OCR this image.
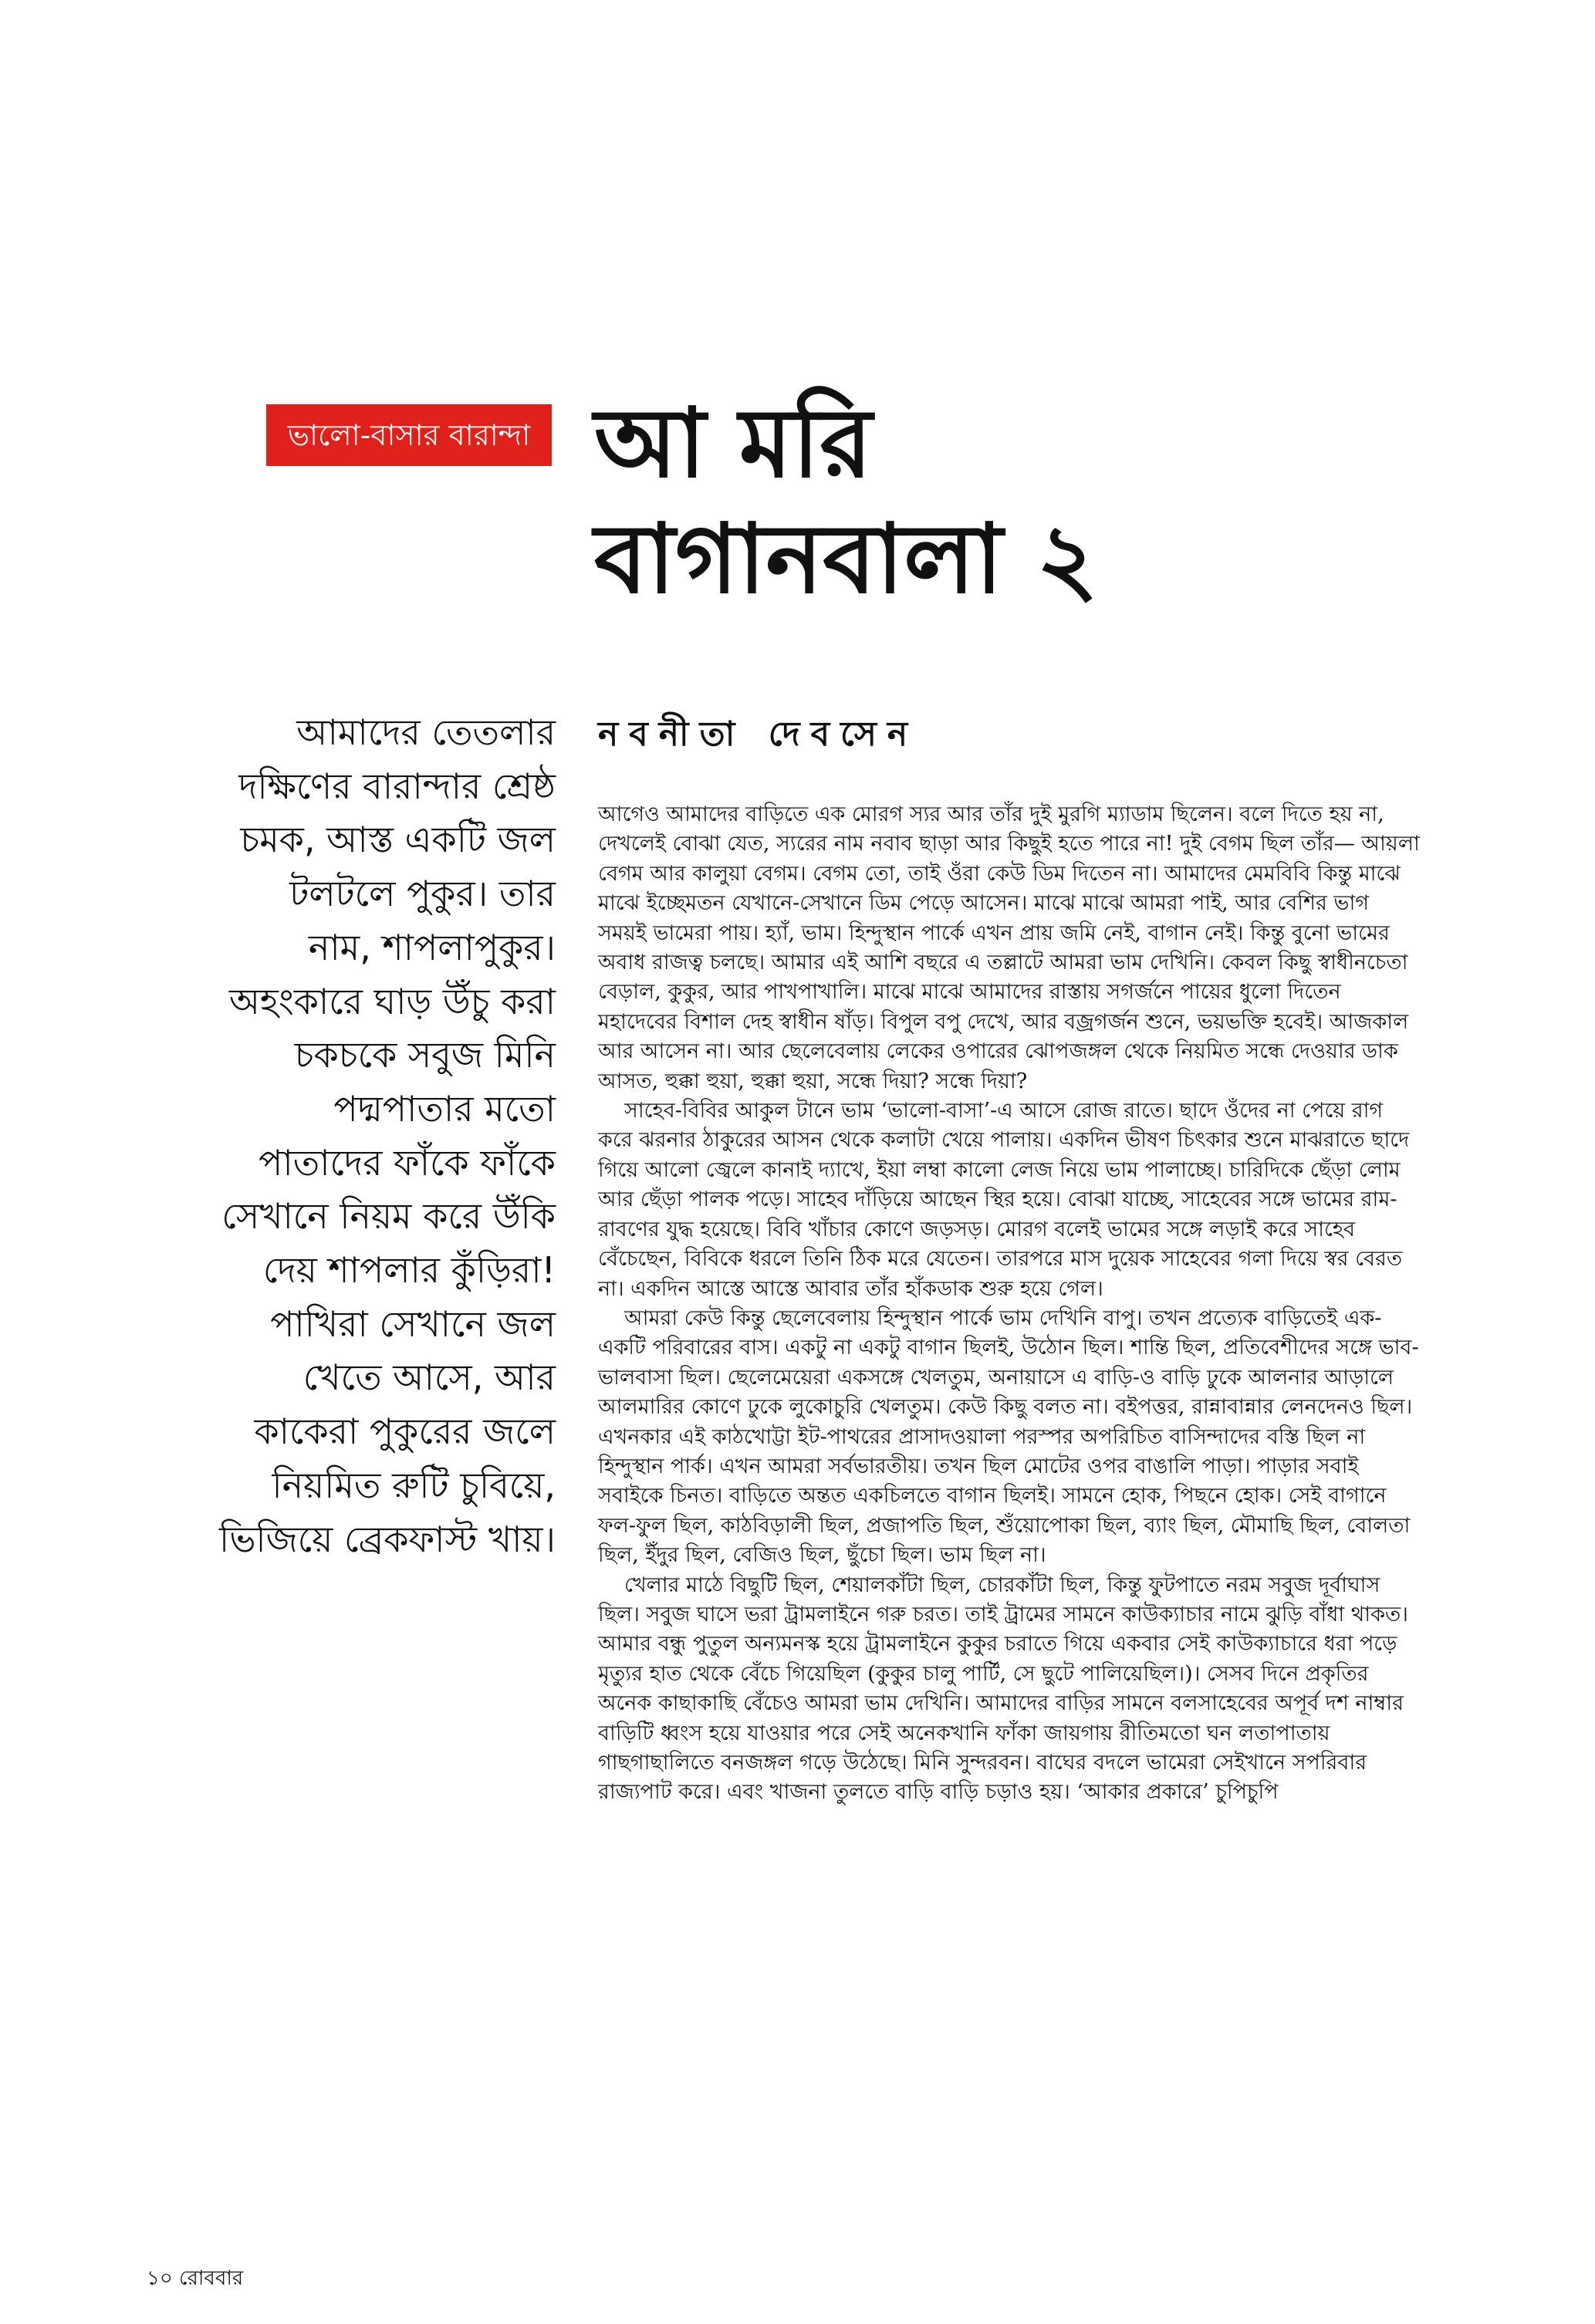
ভালো-বাসার বারান্দা আ মরি
বাগানবালা ২
নবনীতা দেবসেন
আমাদের তেতলার
দক্ষিণের বারান্দার শ্রেষ্ঠ
চমক, আস্ত একটি জল
টলটলে পুকুর। তার
নাম, শাপলাপুকুর।
অহংকারে ঘাড় উঁচু করা
চকচকে সবুজ মিনি
পদ্মপাতার মতো
পাতাদের ফাঁকে ফাঁকে
সেখানে নিয়ম করে উঁকি
দেয় শাপলার কুঁড়িরা!
পাখিরা সেখানে জল
খেতে আসে, আর
কাকেরা পুকুরের জলে
নিয়মিত রুটি চুবিয়ে,
ভিজিয়ে ব্রেকফাস্ট খায়।

আগেও আমাদের বাড়িতে এক মোরগ স্যর আর তাঁর দুই মুরগি ম্যাডাম ছিলেন। বলে দিতে হয় না, দেখলেই বোঝা যেত, স্যরের নাম নবাব ছাড়া আর কিছুই হতে পারে না! দুই বেগম ছিল তাঁর— আয়লা বেগম আর কালুয়া বেগম। বেগম তো, তাই ওঁরা কেউ ডিম দিতেন না। আমাদের মেমবিবি কিন্তু মাঝে মাঝে ইচ্ছেমতন যেখানে-সেখানে ডিম পেড়ে আসেন। মাঝে মাঝে আমরা পাই, আর বেশির ভাগ সময়ই ভামেরা পায়। হ্যাঁ, ভাম। হিন্দুস্থান পার্কে এখন প্রায় জমি নেই, বাগান নেই। কিন্তু বুনো ভামের অবাধ রাজত্ব চলছে। আমার এই আশি বছরে এ তল্লাটে আমরা ভাম দেখিনি। কেবল কিছু স্বাধীনচেতা বেড়াল, কুকুর, আর পাখপাখালি। মাঝে মাঝে আমাদের রাস্তায় সগর্জনে পায়ের ধুলো দিতেন মহাদেবের বিশাল দেহ স্বাধীন ষাঁড়। বিপুল বপু দেখে, আর বজ্রগর্জন শুনে, ভয়ভক্তি হবেই। আজকাল আর আসেন না। আর ছেলেবেলায় লেকের ওপারের ঝোপজঙ্গল থেকে নিয়মিত সন্ধে দেওয়ার ডাক আসত, হুক্কা হুয়া, হুক্কা হুয়া, সন্ধে দিয়া? সন্ধে দিয়া?

সাহেব-বিবির আকুল টানে ভাম ‘ভালো-বাসা’-এ আসে রোজ রাতে। ছাদে ওঁদের না পেয়ে রাগ করে ঝরনার ঠাকুরের আসন থেকে কলাটা খেয়ে পালায়। একদিন ভীষণ চিৎকার শুনে মাঝরাতে ছাদে গিয়ে আলো জ্বেলে কানাই দ্যাখে, ইয়া লম্বা কালো লেজ নিয়ে ভাম পালাচ্ছে। চারিদিকে ছেঁড়া লোম আর ছেঁড়া পালক পড়ে। সাহেব দাঁড়িয়ে আছেন স্থির হয়ে। বোঝা যাচ্ছে, সাহেবের সঙ্গে ভামের রাম-রাবণের যুদ্ধ হয়েছে। বিবি খাঁচার কোণে জড়সড়। মোরগ বলেই ভামের সঙ্গে লড়াই করে সাহেব বেঁচেছেন, বিবিকে ধরলে তিনি ঠিক মরে যেতেন। তারপরে মাস দুয়েক সাহেবের গলা দিয়ে স্বর বেরত না। একদিন আস্তে আস্তে আবার তাঁর হাঁকডাক শুরু হয়ে গেল।

আমরা কেউ কিন্তু ছেলেবেলায় হিন্দুস্থান পার্কে ভাম দেখিনি বাপু। তখন প্রত্যেক বাড়িতেই এক-একটি পরিবারের বাস। একটু না একটু বাগান ছিলই, উঠোন ছিল। শান্তি ছিল, প্রতিবেশীদের সঙ্গে ভাব-ভালবাসা ছিল। ছেলেমেয়েরা একসঙ্গে খেলতুম, অনায়াসে এ বাড়ি-ও বাড়ি ঢুকে আলনার আড়ালে আলমারির কোণে ঢুকে লুকোচুরি খেলতুম। কেউ কিছু বলত না। বইপত্তর, রান্নাবান্নার লেনদেনও ছিল। এখনকার এই কাঠখোট্টা ইট-পাথরের প্রাসাদওয়ালা পরস্পর অপরিচিত বাসিন্দাদের বস্তি ছিল না হিন্দুস্থান পার্ক। এখন আমরা সর্বভারতীয়। তখন ছিল মোটের ওপর বাঙালি পাড়া। পাড়ার সবাই সবাইকে চিনত। বাড়িতে অন্তত একচিলতে বাগান ছিলই। সামনে হোক, পিছনে হোক। সেই বাগানে ফল-ফুল ছিল, কাঠবিড়ালী ছিল, প্রজাপতি ছিল, শুঁয়োপোকা ছিল, ব্যাং ছিল, মৌমাছি ছিল, বোলতা ছিল, ইঁদুর ছিল, বেজিও ছিল, ছুঁচো ছিল। ভাম ছিল না।

খেলার মাঠে বিছুটি ছিল, শেয়ালকাঁটা ছিল, চোরকাঁটা ছিল, কিন্তু ফুটপাতে নরম সবুজ দূর্বাঘাস ছিল। সবুজ ঘাসে ভরা ট্রামলাইনে গরু চরত। তাই ট্রামের সামনে কাউক্যাচার নামে ঝুড়ি বাঁধা থাকত। আমার বন্ধু পুতুল অন্যমনস্ক হয়ে ট্রামলাইনে কুকুর চরাতে গিয়ে একবার সেই কাউক্যাচারে ধরা পড়ে মৃত্যুর হাত থেকে বেঁচে গিয়েছিল (কুকুর চালু পার্টি, সে ছুটে পালিয়েছিল।)। সেসব দিনে প্রকৃতির অনেক কাছাকাছি বেঁচেও আমরা ভাম দেখিনি। আমাদের বাড়ির সামনে বলসাহেবের অপূর্ব দশ নাম্বার বাড়িটি ধ্বংস হয়ে যাওয়ার পরে সেই অনেকখানি ফাঁকা জায়গায় রীতিমতো ঘন লতাপাতায় গাছগাছালিতে বনজঙ্গল গড়ে উঠেছে। মিনি সুন্দরবন। বাঘের বদলে ভামেরা সেইখানে সপরিবার রাজ্যপাট করে। এবং খাজনা তুলতে বাড়ি বাড়ি চড়াও হয়। ‘আকার প্রকারে’ চুপিচুপি

১০ রোববার
